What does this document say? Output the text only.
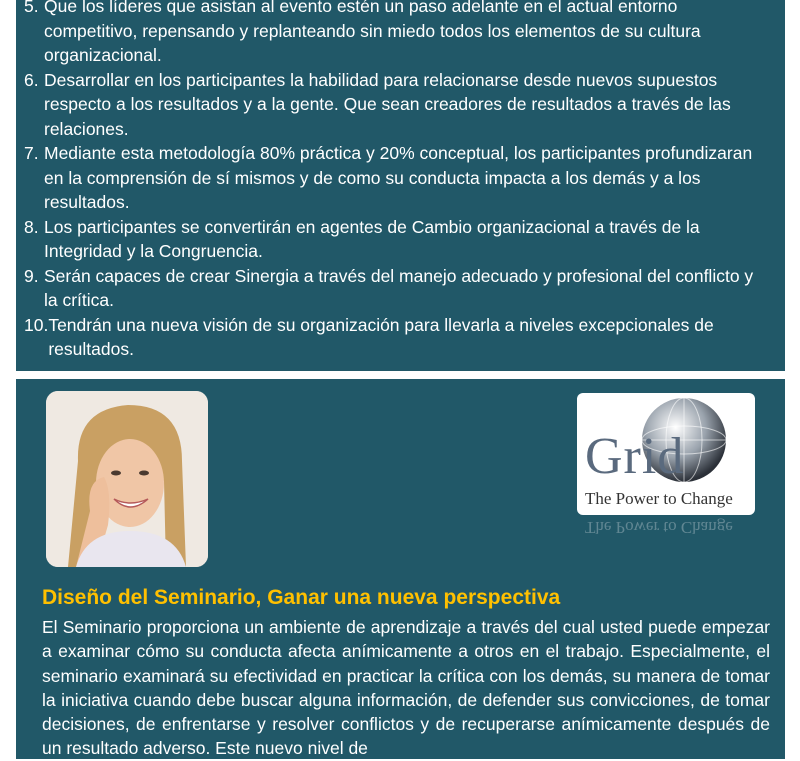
5. Que los líderes que asistan al evento estén un paso adelante en el actual entorno competitivo, repensando y replanteando sin miedo todos los elementos de su cultura organizacional.
6. Desarrollar en los participantes la habilidad para relacionarse desde nuevos supuestos respecto a los resultados y a la gente. Que sean creadores de resultados a través de las relaciones.
7. Mediante esta metodología 80% práctica y 20% conceptual, los participantes profundizaran en la comprensión de sí mismos y de como su conducta impacta a los demás y a los resultados.
8. Los participantes se convertirán en agentes de Cambio organizacional a través de la Integridad y la Congruencia.
9. Serán capaces de crear Sinergia a través del manejo adecuado y profesional del conflicto y la crítica.
10. Tendrán una nueva visión de su organización para llevarla a niveles excepcionales de resultados.
Grid
The Power to Change
The Power to Change
Diseño del Seminario, Ganar una nueva perspectiva

El Seminario proporciona un ambiente de aprendizaje a través del cual usted puede empezar a examinar cómo su conducta afecta anímicamente a otros en el trabajo. Especialmente, el seminario examinará su efectividad en practicar la crítica con los demás, su manera de tomar la iniciativa cuando debe buscar alguna información, de defender sus convicciones, de tomar decisiones, de enfrentarse y resolver conflictos y de recuperarse anímicamente después de un resultado adverso. Este nuevo nivel de
